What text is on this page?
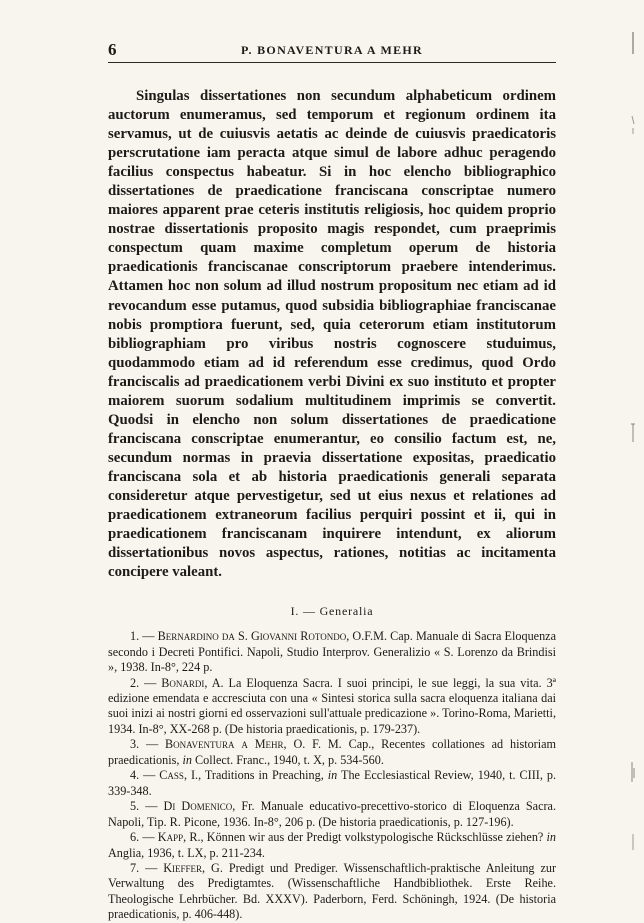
6	P. BONAVENTURA A MEHR

Singulas dissertationes non secundum alphabeticum ordinem auctorum enumeramus, sed temporum et regionum ordinem ita servamus, ut de cuiusvis aetatis ac deinde de cuiusvis praedicatoris perscrutatione iam peracta atque simul de labore adhuc peragendo facilius conspectus habeatur. Si in hoc elencho bibliographico dissertationes de praedicatione franciscana conscriptae numero maiores apparent prae ceteris institutis religiosis, hoc quidem proprio nostrae dissertationis proposito magis respondet, cum praeprimis conspectum quam maxime completum operum de historia praedicationis franciscanae conscriptorum praebere intenderimus. Attamen hoc non solum ad illud nostrum propositum nec etiam ad id revocandum esse putamus, quod subsidia bibliographiae franciscanae nobis promptiora fuerunt, sed, quia ceterorum etiam institutorum bibliographiam pro viribus nostris cognoscere studuimus, quodammodo etiam ad id referendum esse credimus, quod Ordo franciscalis ad praedicationem verbi Divini ex suo instituto et propter maiorem suorum sodalium multitudinem imprimis se convertit. Quodsi in elencho non solum dissertationes de praedicatione franciscana conscriptae enumerantur, eo consilio factum est, ne, secundum normas in praevia dissertatione expositas, praedicatio franciscana sola et ab historia praedicationis generali separata consideretur atque pervestigetur, sed ut eius nexus et relationes ad praedicationem extraneorum facilius perquiri possint et ii, qui in praedicationem franciscanam inquirere intendunt, ex aliorum dissertationibus novos aspectus, rationes, notitias ac incitamenta concipere valeant.

I. — Generalia

1. — Bernardino da S. Giovanni Rotondo, O.F.M. Cap. Manuale di Sacra Eloquenza secondo i Decreti Pontifici. Napoli, Studio Interprov. Generalizio « S. Lorenzo da Brindisi », 1938. In-8°, 224 p.

2. — Bonardi, A. La Eloquenza Sacra. I suoi principi, le sue leggi, la sua vita. 3ª edizione emendata e accresciuta con una « Sintesi storica sulla sacra eloquenza italiana dai suoi inizi ai nostri giorni ed osservazioni sull'attuale predicazione ». Torino-Roma, Marietti, 1934. In-8°, XX-268 p. (De historia praedicationis, p. 179-237).

3. — Bonaventura a Mehr, O. F. M. Cap., Recentes collationes ad historiam praedicationis, in Collect. Franc., 1940, t. X, p. 534-560.

4. — Cass, I., Traditions in Preaching, in The Ecclesiastical Review, 1940, t. CIII, p. 339-348.

5. — Di Domenico, Fr. Manuale educativo-precettivo-storico di Eloquenza Sacra. Napoli, Tip. R. Picone, 1936. In-8°, 206 p. (De historia praedicationis, p. 127-196).

6. — Kapp, R., Können wir aus der Predigt volkstypologische Rückschlüsse ziehen? in Anglia, 1936, t. LX, p. 211-234.

7. — Kieffer, G. Predigt und Prediger. Wissenschaftlich-praktische Anleitung zur Verwaltung des Predigtamtes. (Wissenschaftliche Handbibliothek. Erste Reihe. Theologische Lehrbücher. Bd. XXXV). Paderborn, Ferd. Schöningh, 1924. (De historia praedicationis, p. 406-448).
